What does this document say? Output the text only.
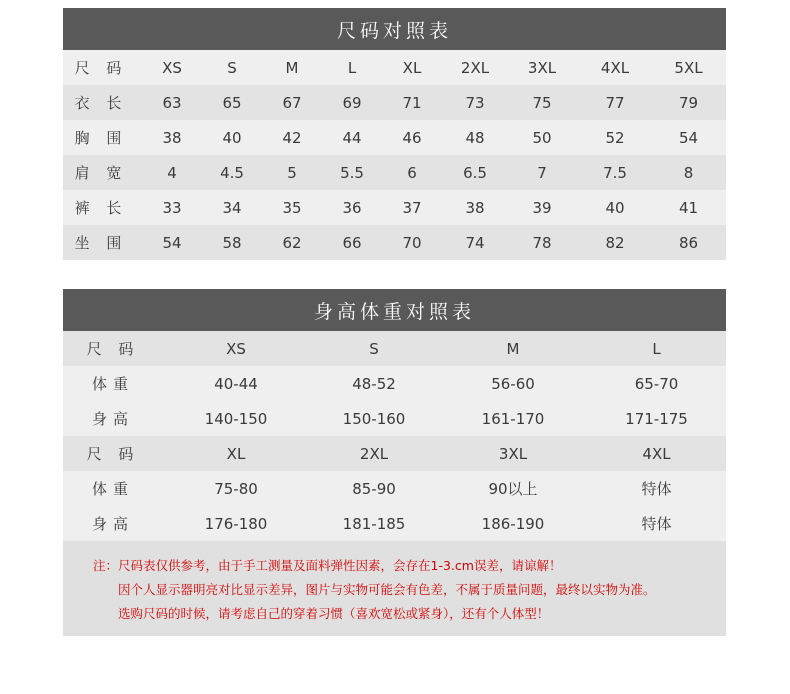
尺码对照表
尺 码	XS	S	M	L	XL	2XL	3XL	4XL	5XL
衣 长	63	65	67	69	71	73	75	77	79
胸 围	38	40	42	44	46	48	50	52	54
肩 宽	4	4.5	5	5.5	6	6.5	7	7.5	8
裤 长	33	34	35	36	37	38	39	40	41
坐 围	54	58	62	66	70	74	78	82	86
身高体重对照表
尺 码	XS	S	M	L
体重	40-44	48-52	56-60	65-70
身高	140-150	150-160	161-170	171-175
尺 码	XL	2XL	3XL	4XL
体重	75-80	85-90	90以上	特体
身高	176-180	181-185	186-190	特体
注：尺码表仅供参考，由于手工测量及面料弹性因素，会存在1-3.cm误差，请谅解！
因个人显示器明亮对比显示差异，图片与实物可能会有色差，不属于质量问题，最终以实物为准。
选购尺码的时候，请考虑自己的穿着习惯（喜欢宽松或紧身），还有个人体型！
